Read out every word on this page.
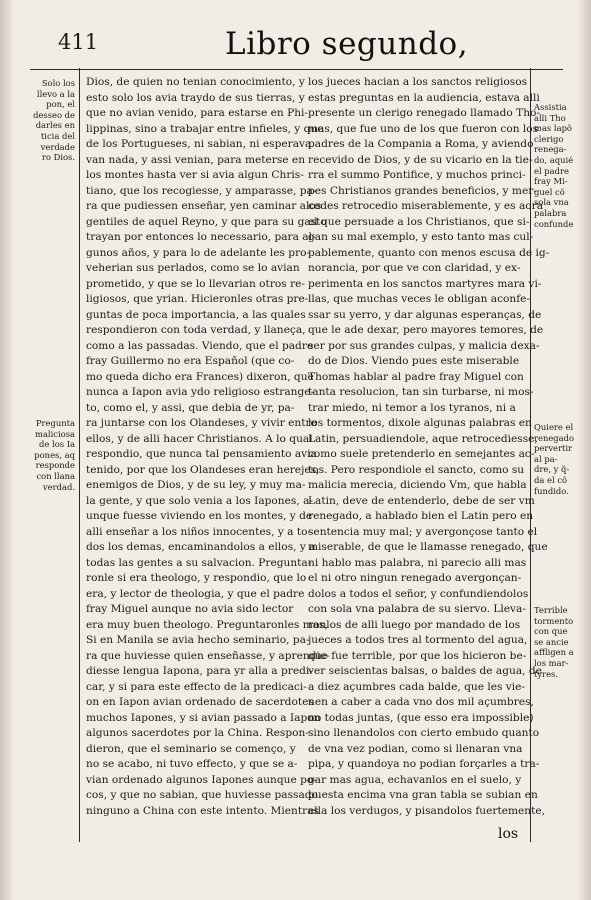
411	Libro segundo,
Solo los
llevo a la
pon, el
desseo de
darles en
ticia del
verdade
ro Dios.
Pregunta
maliciosa
de los Ia
pones, aq
responde
con llana
verdad.
Assistia
alli Tho
mas lapõ
clerigo
renega-
do, aquié
el padre
fray Mi-
guel cõ
sola vna
palabra
confunde
Quiere el
renegado
pervertir
al pa-
dre, y q̃-
da el cõ
fundido.
Terrible
tormento
con que
se ancie
affligen a
los mar-
tyres.
Dios, de quien no tenian conocimiento, y
esto solo los avia traydo de sus tierras, y
que no avian venido, para estarse en Phi-
lippinas, sino a trabajar entre infieles, y que
de los Portugueses, ni sabian, ni esperava
van nada, y assi venian, para meterse en
los montes hasta ver si avia algun Chris-
tiano, que los recogiesse, y amparasse, pa-
ra que pudiessen enseñar, yen caminar alos
gentiles de aquel Reyno, y que para su gasto
trayan por entonces lo necessario, para al-
gunos años, y para lo de adelante les pro-
veherian sus perlados, como se lo avian
prometido, y que se lo llevarian otros re-
ligiosos, que yrian. Hicieronles otras pre-
guntas de poca importancia, a las quales
respondieron con toda verdad, y llaneça,
como a las passadas. Viendo, que el padre
fray Guillermo no era Español (que co-
mo queda dicho era Frances) dixeron, que
nunca a Iapon avia ydo religioso estrange-
to, como el, y assi, que debia de yr, pa-
ra juntarse con los Olandeses, y vivir entre
ellos, y de alli hacer Christianos. A lo qual
respondio, que nunca tal pensamiento avia
tenido, por que los Olandeses eran herejes,
enemigos de Dios, y de su ley, y muy ma-
la gente, y que solo venia a los Iapones, a-
unque fuesse viviendo en los montes, y de
alli enseñar a los niños innocentes, y a to-
dos los demas, encaminandolos a ellos, y a
todas las gentes a su salvacion. Pregunta-
ronle si era theologo, y respondio, que lo
era, y lector de theologia, y que el padre
fray Miguel aunque no avia sido lector
era muy buen theologo. Preguntaronles mas,
Si en Manila se avia hecho seminario, pa-
ra que huviesse quien enseñasse, y aprendie-
diesse lengua Iapona, para yr alla a predi-
car, y si para este effecto de la predicaci-
on en Iapon avian ordenado de sacerdotes
muchos Iapones, y si avian passado a Iapon
algunos sacerdotes por la China. Respon-
dieron, que el seminario se començo, y
no se acabo, ni tuvo effecto, y que se a-
vian ordenado algunos Iapones aunque po-
cos, y que no sabian, que huviesse passado
ninguno a China con este intento. Mientras
los jueces hacian a los sanctos religiosos
estas preguntas en la audiencia, estava alli
presente un clerigo renegado llamado Tho-
mas, que fue uno de los que fueron con los
padres de la Compania a Roma, y aviendo
recevido de Dios, y de su vicario en la tie-
rra el summo Pontifice, y muchos princi-
pes Christianos grandes beneficios, y mer-
cedes retrocedio miserablemente, y es aora
el que persuade a los Christianos, que si-
gan su mal exemplo, y esto tanto mas cul-
pablemente, quanto con menos escusa de ig-
norancia, por que ve con claridad, y ex-
perimenta en los sanctos martyres mara vi-
llas, que muchas veces le obligan aconfe-
ssar su yerro, y dar algunas esperanças, de
que le ade dexar, pero mayores temores, de
ser por sus grandes culpas, y malicia dexa-
do de Dios. Viendo pues este miserable
Thomas hablar al padre fray Miguel con
tanta resolucion, tan sin turbarse, ni mos-
trar miedo, ni temor a los tyranos, ni a
los tormentos, dixole algunas palabras en
Latin, persuadiendole, aque retrocediesse,
como suele pretenderlo en semejantes ac-
tos. Pero respondiole el sancto, como su
malicia merecia, diciendo Vm, que habla
Latin, deve de entenderlo, debe de ser vm
renegado, a hablado bien el Latin pero en
sentencia muy mal; y avergonçose tanto el
miserable, de que le llamasse renegado, que
ni hablo mas palabra, ni parecio alli mas
el ni otro ningun renegado avergonçan-
dolos a todos el señor, y confundiendolos
con sola vna palabra de su siervo. Lleva-
ronlos de alli luego por mandado de los
jueces a todos tres al tormento del agua,
que fue terrible, por que los hicieron be-
ver seiscientas balsas, o baldes de agua, de
a diez açumbres cada balde, que les vie-
nen a caber a cada vno dos mil açumbres,
no todas juntas, (que esso era impossible)
sino llenandolos con cierto embudo quanto
de vna vez podian, como si llenaran vna
pipa, y quandoya no podian forçarles a tra-
gar mas agua, echavanlos en el suelo, y
puesta encima vna gran tabla se subian en
ella los verdugos, y pisandolos fuertemente,
los
